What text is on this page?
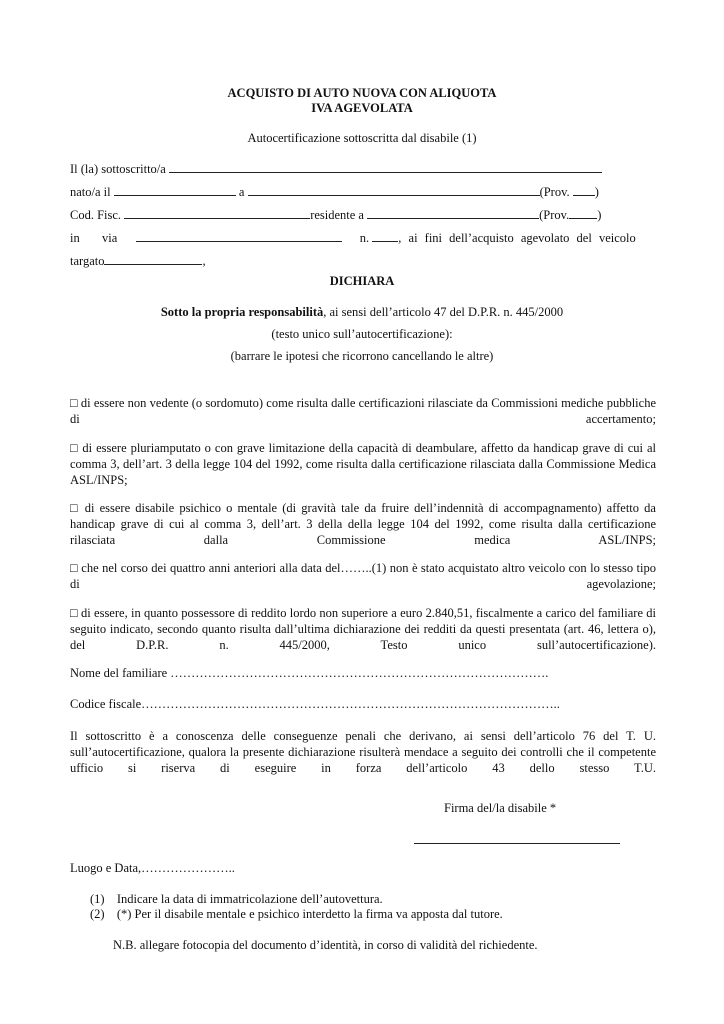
ACQUISTO DI AUTO NUOVA CON ALIQUOTA
IVA AGEVOLATA
Autocertificazione sottoscritta dal disabile (1)
Il (la) sottoscritto/a
nato/a il	a	(Prov. )
Cod. Fisc.	residente a	(Prov. )
in via	n. , ai fini dell’acquisto agevolato del veicolo
targato	,
DICHIARA
Sotto la propria responsabilità, ai sensi dell’articolo 47 del D.P.R. n. 445/2000
(testo unico sull’autocertificazione):
(barrare le ipotesi che ricorrono cancellando le altre)
□ di essere non vedente (o sordomuto) come risulta dalle certificazioni rilasciate da Commissioni mediche pubbliche di accertamento;
□ di essere pluriamputato o con grave limitazione della capacità di deambulare, affetto da handicap grave di cui al comma 3, dell’art. 3 della legge 104 del 1992, come risulta dalla certificazione rilasciata dalla Commissione Medica ASL/INPS;
□ di essere disabile psichico o mentale (di gravità tale da fruire dell’indennità di accompagnamento) affetto da handicap grave di cui al comma 3, dell’art. 3 della della legge 104 del 1992, come risulta dalla certificazione rilasciata dalla Commissione medica ASL/INPS;
□ che nel corso dei quattro anni anteriori alla data del……..(1) non è stato acquistato altro veicolo con lo stesso tipo di agevolazione;
□ di essere, in quanto possessore di reddito lordo non superiore a euro 2.840,51, fiscalmente a carico del familiare di seguito indicato, secondo quanto risulta dall’ultima dichiarazione dei redditi da questi presentata (art. 46, lettera o), del D.P.R. n. 445/2000, Testo unico sull’autocertificazione).
Nome del familiare ……………………………………………………………………………….
Codice fiscale………………………………………………………………………………………..
Il sottoscritto è a conoscenza delle conseguenze penali che derivano, ai sensi dell’articolo 76 del T. U. sull’autocertificazione, qualora la presente dichiarazione risulterà mendace a seguito dei controlli che il competente ufficio si riserva di eseguire in forza dell’articolo 43 dello stesso T.U.
Firma del/la disabile *
Luogo e Data,…………………..
(1) Indicare la data di immatricolazione dell’autovettura.
(2) (*) Per il disabile mentale e psichico interdetto la firma va apposta dal tutore.
N.B. allegare fotocopia del documento d’identità, in corso di validità del richiedente.
